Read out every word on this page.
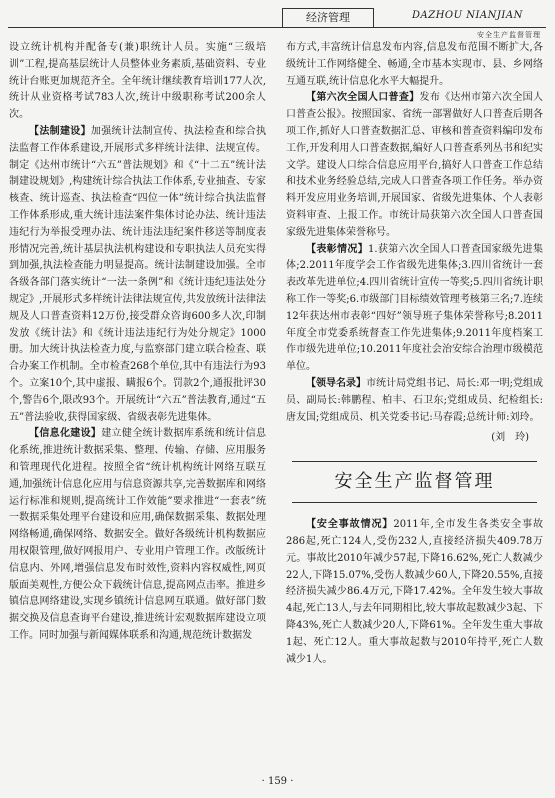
经济管理	DAZHOU NIANJIAN
安全生产监督管理

设立统计机构并配备专(兼)职统计人员。实施“三级培训”工程,提高基层统计人员整体业务素质,基础资料、专业统计台账更加规范齐全。全年统计继续教育培训177人次,统计从业资格考试783人次,统计中级职称考试200余人次。

【法制建设】加强统计法制宣传、执法检查和综合执法监督工作体系建设,开展形式多样统计法律、法规宣传。制定《达州市统计“六五”普法规划》和《“十二五”统计法制建设规划》,构建统计综合执法工作体系,专业抽查、专家核查、统计巡查、执法检查“四位一体”统计综合执法监督工作体系形成,重大统计违法案件集体讨论办法、统计违法违纪行为举报受理办法、统计违法违纪案件移送等制度表形情况完善,统计基层执法机构建设和专职执法人员充实得到加强,执法检查能力明显提高。统计法制建设加强。全市各级各部门落实统计“一法一条例”和《统计违纪违法处分规定》,开展形式多样统计法律法规宣传,共发放统计法律法规及人口普查资料12万份,接受群众咨询600多人次,印制发放《统计法》和《统计违法违纪行为处分规定》1000册。加大统计执法检查力度,与监察部门建立联合检查、联合办案工作机制。全市检查268个单位,其中有违法行为93个。立案10个,其中虚报、瞒报6个。罚款2个,通报批评30个,警告6个,限改93个。开展统计“六五”普法教育,通过“五五”普法验收,获得国家级、省级表彰先进集体。

【信息化建设】建立健全统计数据库系统和统计信息化系统,推进统计数据采集、整理、传输、存储、应用服务和管理现代化进程。按照全省“统计机构统计网络互联互通,加强统计信息化应用与信息资源共享,完善数据库和网络运行标准和规则,提高统计工作效能”要求推进“一套表”统一数据采集处理平台建设和应用,确保数据采集、数据处理网络畅通,确保网络、数据安全。做好各级统计机构数据应用权限管理,做好网报用户、专业用户管理工作。改版统计信息内、外网,增强信息发布时效性,资料内容权威性,网页版面美观性,方便公众下载统计信息,提高网点击率。推进乡镇信息网络建设,实现乡镇统计信息网互联通。做好部门数据交换及信息查询平台建设,推进统计宏观数据库建设立项工作。同时加强与新闻媒体联系和沟通,规范统计数据发

布方式,丰富统计信息发布内容,信息发布范围不断扩大,各级统计工作网络健全、畅通,全市基本实现市、县、乡网络互通互联,统计信息化水平大幅提升。

【第六次全国人口普查】发布《达州市第六次全国人口普查公报》。按照国家、省统一部署做好人口普查后期各项工作,抓好人口普查数据汇总、审核和普查资料编印发布工作,开发利用人口普查数据,编好人口普查系列丛书和纪实文学。建设人口综合信息应用平台,搞好人口普查工作总结和技术业务经验总结,完成人口普查各项工作任务。举办资料开发应用业务培训,开展国家、省级先进集体、个人表彰资料审查、上报工作。市统计局获第六次全国人口普查国家级先进集体荣誉称号。

【表彰情况】1.获第六次全国人口普查国家级先进集体;2.2011年度学会工作省级先进集体;3.四川省统计一套表改革先进单位;4.四川省统计宣传一等奖;5.四川省统计职称工作一等奖;6.市级部门目标绩效管理考核第三名;7.连续12年获达州市表彰“四好”领导班子集体荣誉称号;8.2011年度全市党委系统督查工作先进集体;9.2011年度档案工作市级先进单位;10.2011年度社会治安综合治理市级模范单位。

【领导名录】市统计局党组书记、局长:邓一明;党组成员、副局长:韩鹏程、柏丰、石卫东;党组成员、纪检组长:唐友国;党组成员、机关党委书记:马春霞;总统计师:刘玲。

(刘　玲)
安全生产监督管理

【安全事故情况】2011年,全市发生各类安全事故286起,死亡124人,受伤232人,直接经济损失409.78万元。事故比2010年减少57起,下降16.62%,死亡人数减少22人,下降15.07%,受伤人数减少60人,下降20.55%,直接经济损失减少86.4万元,下降17.42%。全年发生较大事故4起,死亡13人,与去年同期相比,较大事故起数减少3起、下降43%,死亡人数减少20人,下降61%。全年发生重大事故1起、死亡12人。重大事故起数与2010年持平,死亡人数减少1人。

· 159 ·
